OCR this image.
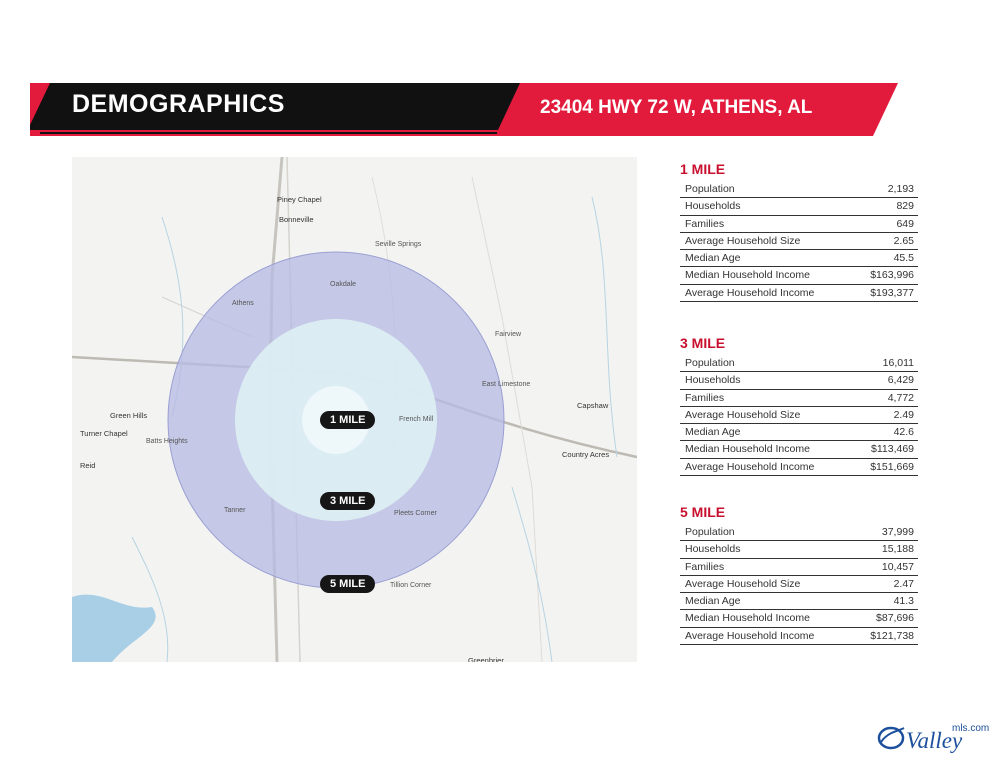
DEMOGRAPHICS	23404 HWY 72 W, ATHENS, AL
Piney Chapel
Bonneville
Oakdale
Athens
Fairview
East Limestone
French Mill
Green Hills
Turner Chapel
Batts Heights
Capshaw
Country Acres
Reid
Tanner	Pleets Corner
Tillion Corner
Greenbrier
Seville Springs
1 MILE
3 MILE
5 MILE
1 MILE
Population	2,193
Households	829
Families	649
Average Household Size	2.65
Median Age	45.5
Median Household Income	$163,996
Average Household Income	$193,377
3 MILE
Population	16,011
Households	6,429
Families	4,772
Average Household Size	2.49
Median Age	42.6
Median Household Income	$113,469
Average Household Income	$151,669
5 MILE
Population	37,999
Households	15,188
Families	10,457
Average Household Size	2.47
Median Age	41.3
Median Household Income	$87,696
Average Household Income	$121,738
Valley
mls.com
